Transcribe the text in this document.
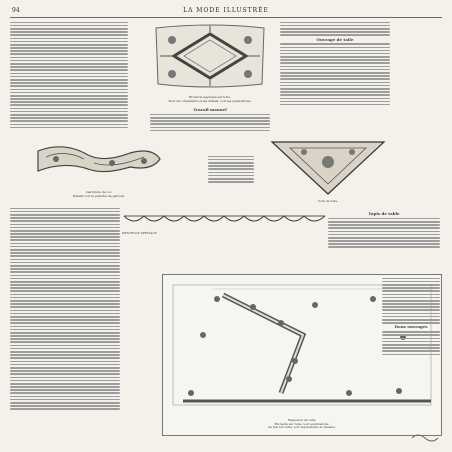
94	LA MODE ILLUSTRÉE
Broderie appliqué sur toile.
Pour les ornements et les détails, voir les explications.
Ouvrage de toile
Travail manuel
Garniture de col.
Détails voir la planche de patrons.
Coin de toile.
DENTELLE SPÉCIALE
Tapis de table
Napperon de tulle.
Broderie sur tulle, voir explications.
Se fait sur tulle, voir explications et dessins.
Doux ouvrages
